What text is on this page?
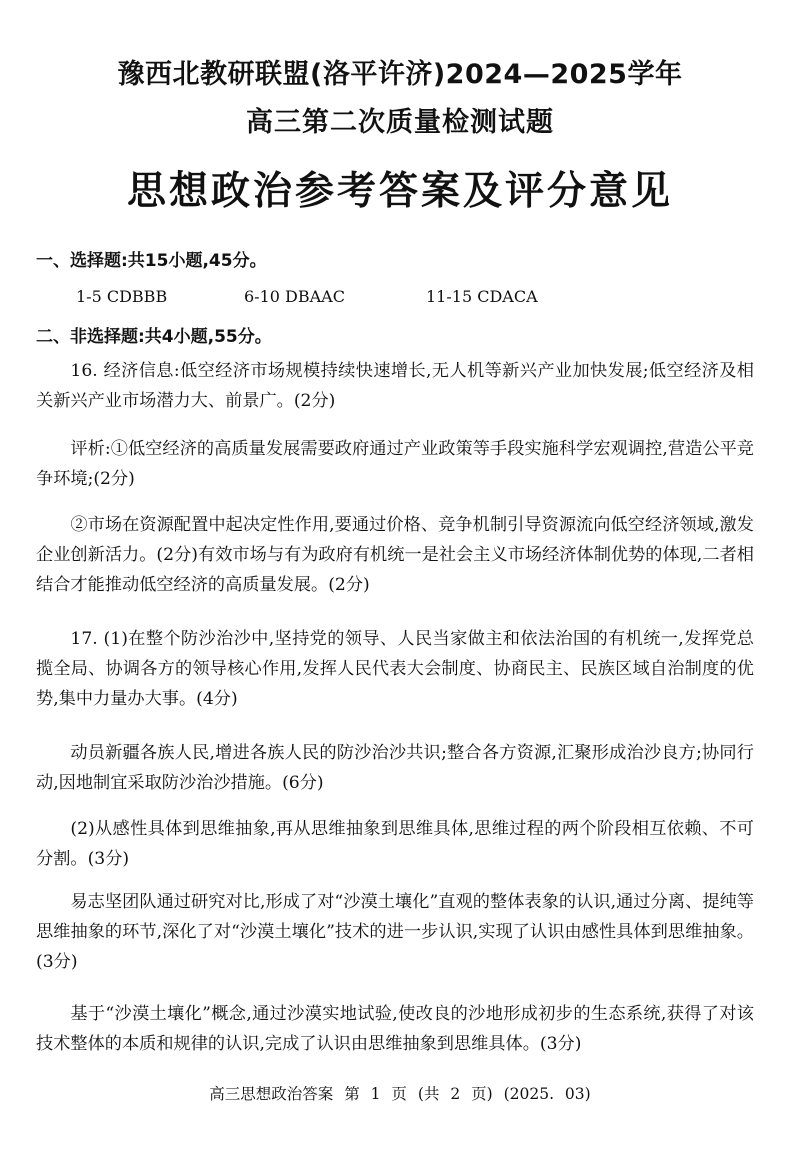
豫西北教研联盟(洛平许济)2024—2025学年
高三第二次质量检测试题
思想政治参考答案及评分意见
一、选择题:共15小题,45分。
1-5 CDBBB	6-10 DBAAC	11-15 CDACA
二、非选择题:共4小题,55分。

16. 经济信息:低空经济市场规模持续快速增长,无人机等新兴产业加快发展;低空经济及相关新兴产业市场潜力大、前景广。(2分)

评析:①低空经济的高质量发展需要政府通过产业政策等手段实施科学宏观调控,营造公平竞争环境;(2分)

②市场在资源配置中起决定性作用,要通过价格、竞争机制引导资源流向低空经济领域,激发企业创新活力。(2分)有效市场与有为政府有机统一是社会主义市场经济体制优势的体现,二者相结合才能推动低空经济的高质量发展。(2分)

17. (1)在整个防沙治沙中,坚持党的领导、人民当家做主和依法治国的有机统一,发挥党总揽全局、协调各方的领导核心作用,发挥人民代表大会制度、协商民主、民族区域自治制度的优势,集中力量办大事。(4分)

动员新疆各族人民,增进各族人民的防沙治沙共识;整合各方资源,汇聚形成治沙良方;协同行动,因地制宜采取防沙治沙措施。(6分)

(2)从感性具体到思维抽象,再从思维抽象到思维具体,思维过程的两个阶段相互依赖、不可分割。(3分)

易志坚团队通过研究对比,形成了对“沙漠土壤化”直观的整体表象的认识,通过分离、提纯等思维抽象的环节,深化了对“沙漠土壤化”技术的进一步认识,实现了认识由感性具体到思维抽象。(3分)

基于“沙漠土壤化”概念,通过沙漠实地试验,使改良的沙地形成初步的生态系统,获得了对该技术整体的本质和规律的认识,完成了认识由思维抽象到思维具体。(3分)

高三思想政治答案 第 1 页 (共 2 页) (2025. 03)
